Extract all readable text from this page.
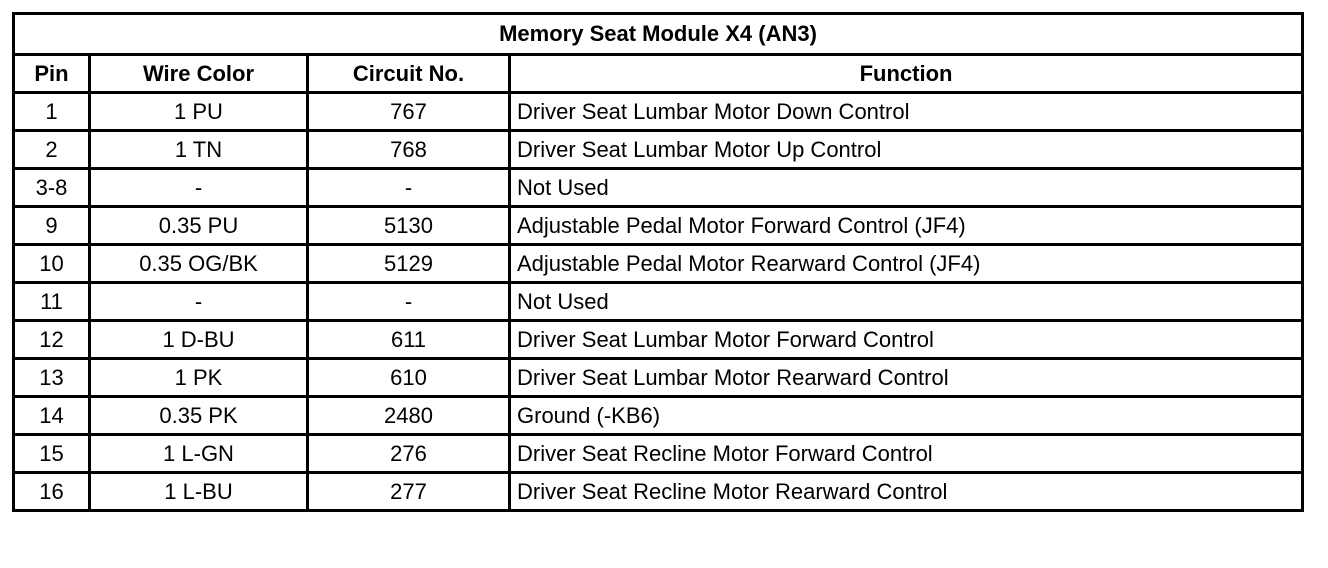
Memory Seat Module X4 (AN3)			
Pin	Wire Color	Circuit No.	Function
1	1 PU	767	Driver Seat Lumbar Motor Down Control
2	1 TN	768	Driver Seat Lumbar Motor Up Control
3-8	-	-	Not Used
9	0.35 PU	5130	Adjustable Pedal Motor Forward Control (JF4)
10	0.35 OG/BK	5129	Adjustable Pedal Motor Rearward Control (JF4)
11	-	-	Not Used
12	1 D-BU	611	Driver Seat Lumbar Motor Forward Control
13	1 PK	610	Driver Seat Lumbar Motor Rearward Control
14	0.35 PK	2480	Ground (-KB6)
15	1 L-GN	276	Driver Seat Recline Motor Forward Control
16	1 L-BU	277	Driver Seat Recline Motor Rearward Control
